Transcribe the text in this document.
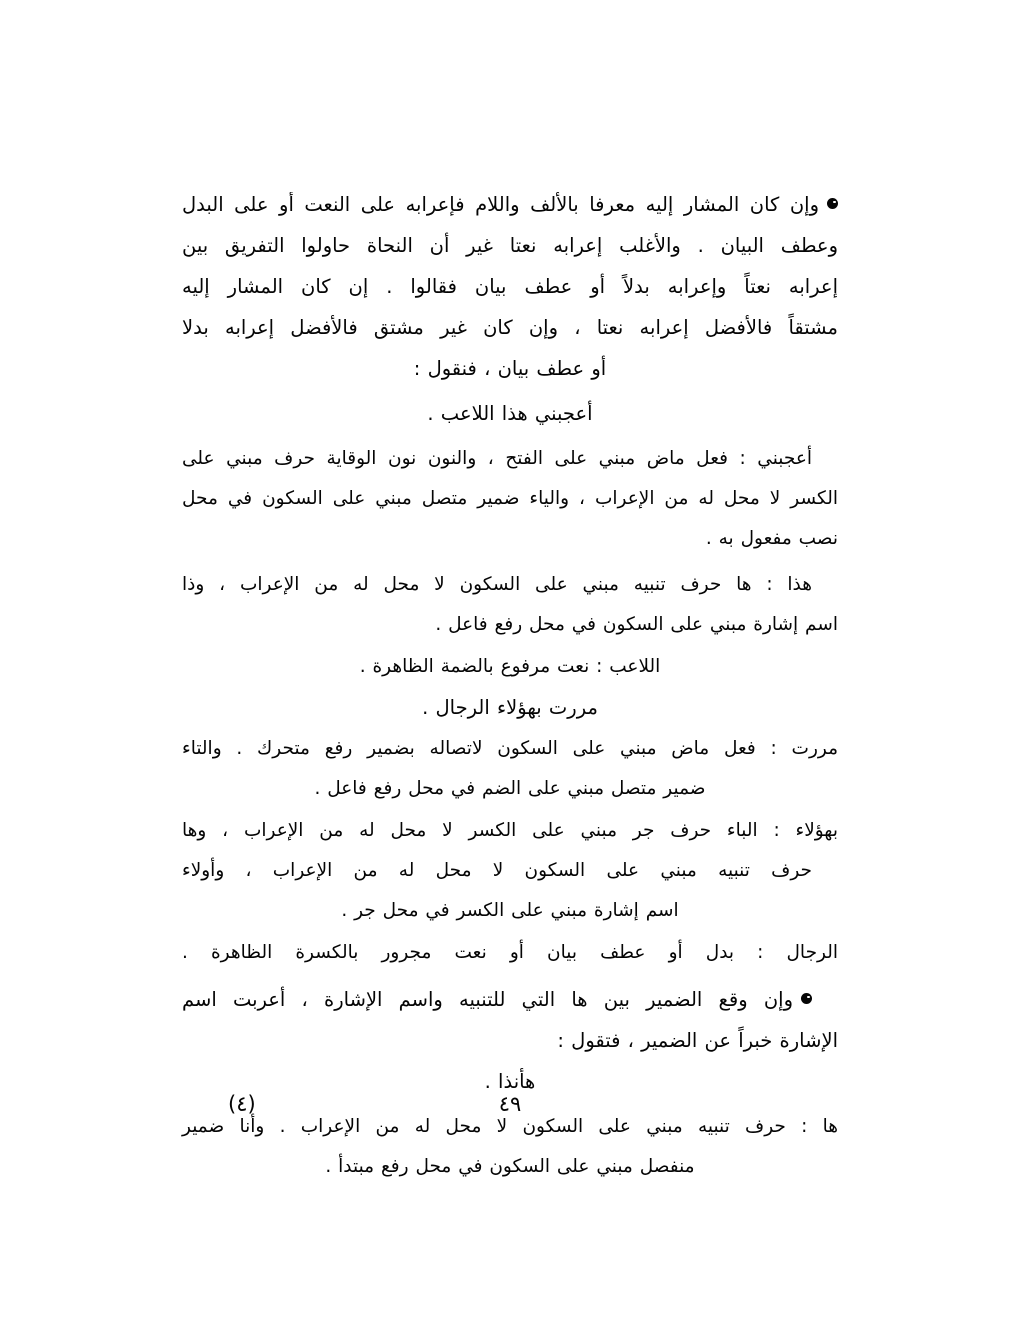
وإن كان المشار إليه معرفا بالألف واللام فإعرابه على النعت أو على البدل
وعطف البيان . والأغلب إعرابه نعتا غير أن النحاة حاولوا التفريق بين
إعرابه نعتاً وإعرابه بدلاً أو عطف بيان فقالوا . إن كان المشار إليه
مشتقاً فالأفضل إعرابه نعتا ، وإن كان غير مشتق فالأفضل إعرابه بدلا
أو عطف بيان ، فنقول :
أعجبني هذا اللاعب .
أعجبني : فعل ماض مبني على الفتح ، والنون نون الوقاية حرف مبني على
الكسر لا محل له من الإعراب ، والياء ضمير متصل مبني على السكون في محل
نصب مفعول به .
هذا : ها حرف تنبيه مبني على السكون لا محل له من الإعراب ، وذا
اسم إشارة مبني على السكون في محل رفع فاعل .
اللاعب : نعت مرفوع بالضمة الظاهرة .
مررت بهؤلاء الرجال .
مررت : فعل ماض مبني على السكون لاتصاله بضمير رفع متحرك . والتاء
ضمير متصل مبني على الضم في محل رفع فاعل .
بهؤلاء : الباء حرف جر مبني على الكسر لا محل له من الإعراب ، وها
حرف تنبيه مبني على السكون لا محل له من الإعراب ، وأولاء
اسم إشارة مبني على الكسر في محل جر .
الرجال : بدل أو عطف بيان أو نعت مجرور بالكسرة الظاهرة .
وإن وقع الضمير بين ها التي للتنبيه واسم الإشارة ، أعربت اسم
الإشارة خبراً عن الضمير ، فتقول :
هأنذا .
ها : حرف تنبيه مبني على السكون لا محل له من الإعراب . وأنا ضمير
منفصل مبني على السكون في محل رفع مبتدأ .
(٤)	٤٩
